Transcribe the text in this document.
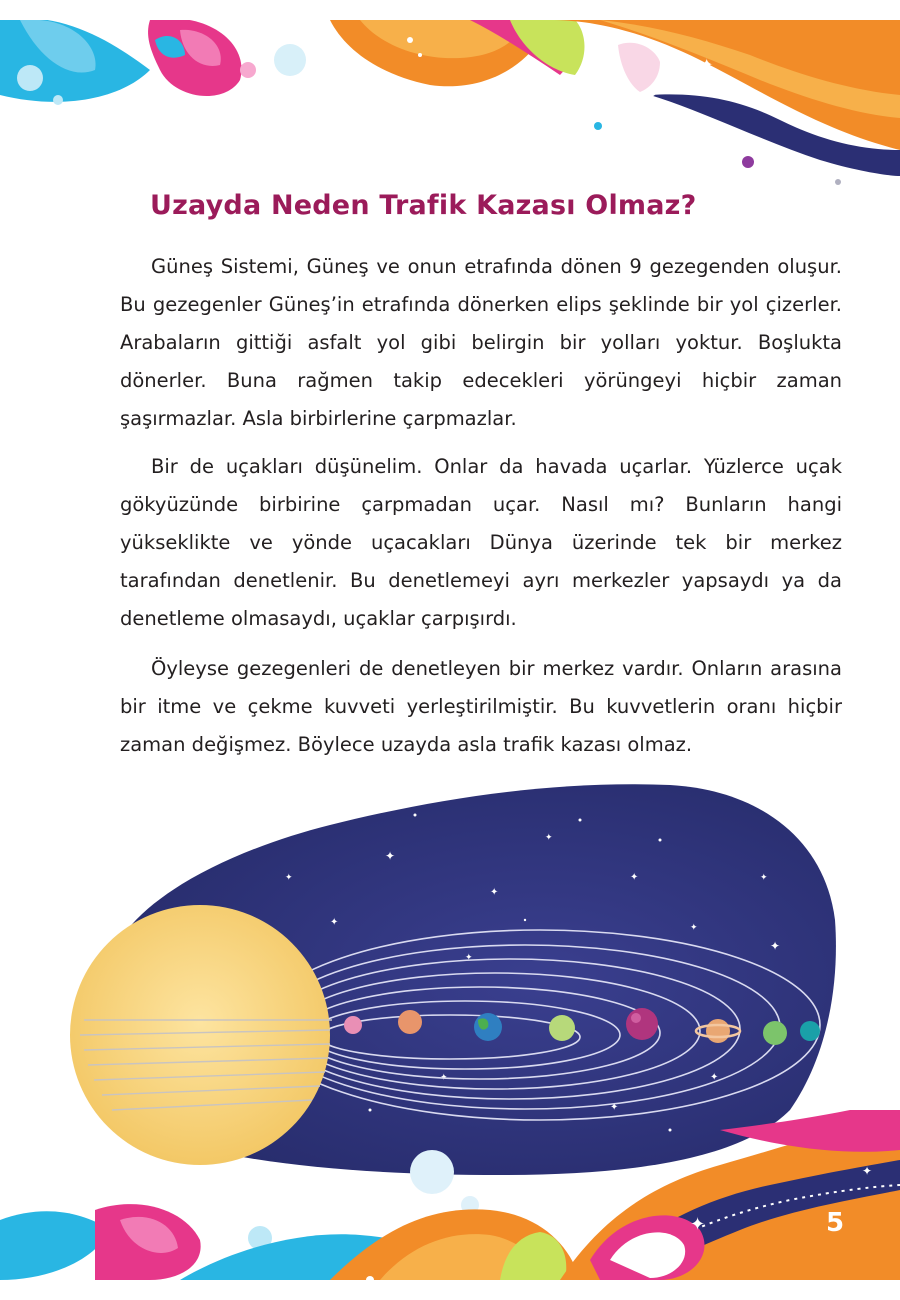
✦
Uzayda Neden Trafik Kazası Olmaz?

Güneş Sistemi, Güneş ve onun etrafında dönen 9 gezegenden oluşur. Bu gezegenler Güneş’in etrafında dönerken elips şeklinde bir yol çizerler. Arabaların gittiği asfalt yol gibi belirgin bir yolları yoktur. Boşlukta dönerler. Buna rağmen takip edecekleri yörüngeyi hiçbir zaman şaşırmazlar. Asla birbirlerine çarpmazlar.

Bir de uçakları düşünelim. Onlar da havada uçarlar. Yüzlerce uçak gökyüzünde birbirine çarpmadan uçar. Nasıl mı? Bunların hangi yükseklikte ve yönde uçacakları Dünya üzerinde tek bir merkez tarafından denetlenir. Bu denetlemeyi ayrı merkezler yapsaydı ya da denetleme olmasaydı, uçaklar çarpışırdı.

Öyleyse gezegenleri de denetleyen bir merkez vardır. Onların arasına bir itme ve çekme kuvveti yerleştirilmiştir. Bu kuvvetlerin oranı hiçbir zaman değişmez. Böylece uzayda asla trafik kazası olmaz.

✦
✦
✦
✦
✦
✦
✦
✦
✦	✦
✦
✦
✦
✦
✦

5
